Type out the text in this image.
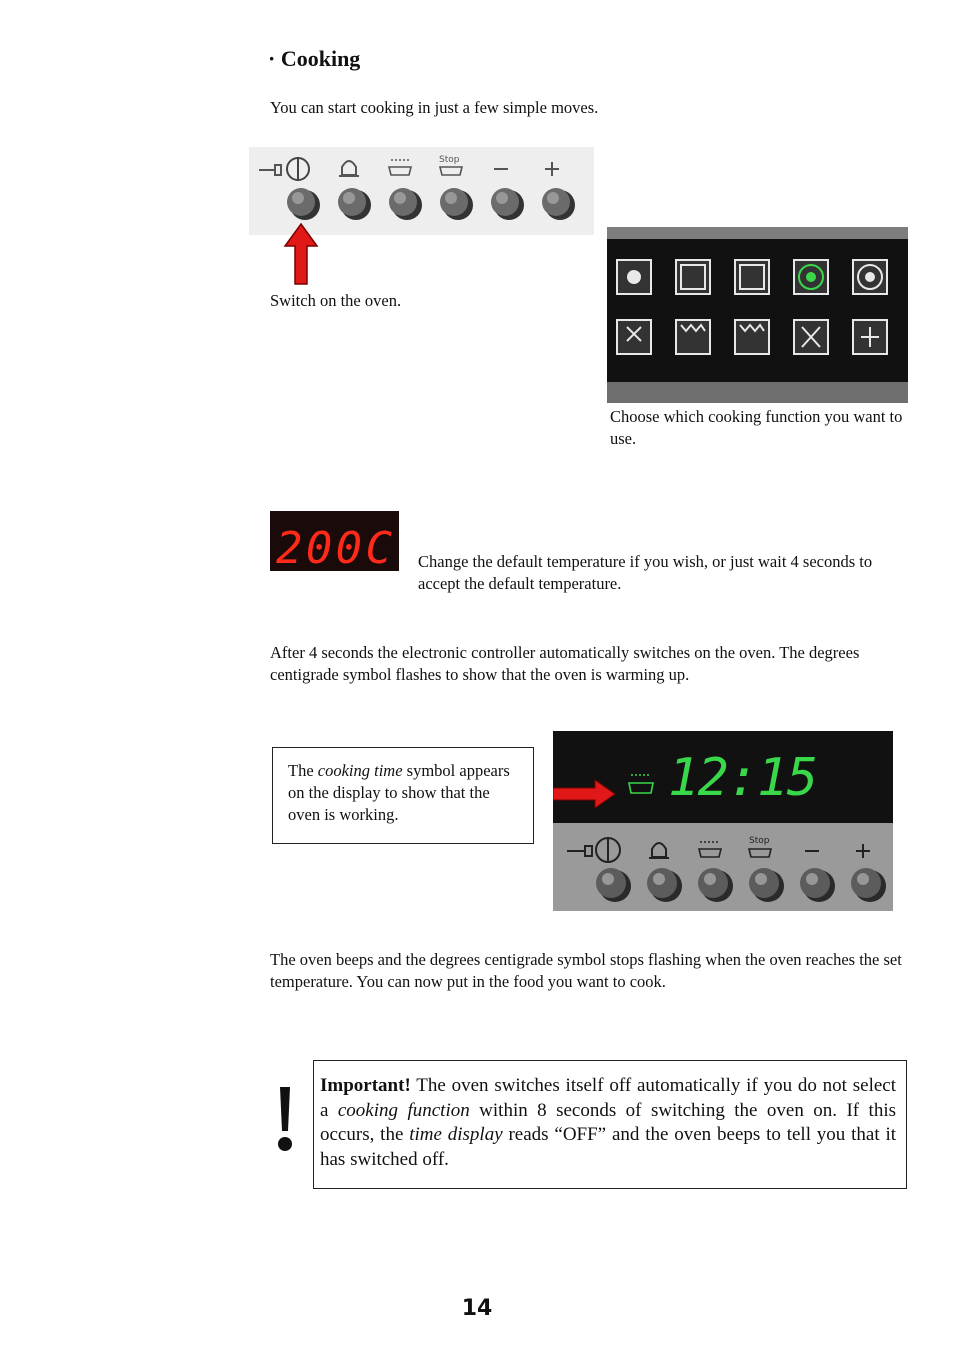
· Cooking
You can start cooking in just a few simple moves.
Stop
Switch on the oven.
Choose which cooking function you want to use.
200C Change the default temperature if you wish, or just wait 4 seconds to accept the default temperature.
After 4 seconds the electronic controller automatically switches on the oven. The degrees centigrade symbol flashes to show that the oven is warming up.
The cooking time symbol appears on the display to show that the oven is working.
12:15
Stop
The oven beeps and the degrees centigrade symbol stops flashing when the oven reaches the set temperature. You can now put in the food you want to cook.
Important! The oven switches itself off automatically if you do not select a cooking function within 8 seconds of switching the oven on. If this occurs, the time display reads “OFF” and the oven beeps to tell you that it has switched off.
14
